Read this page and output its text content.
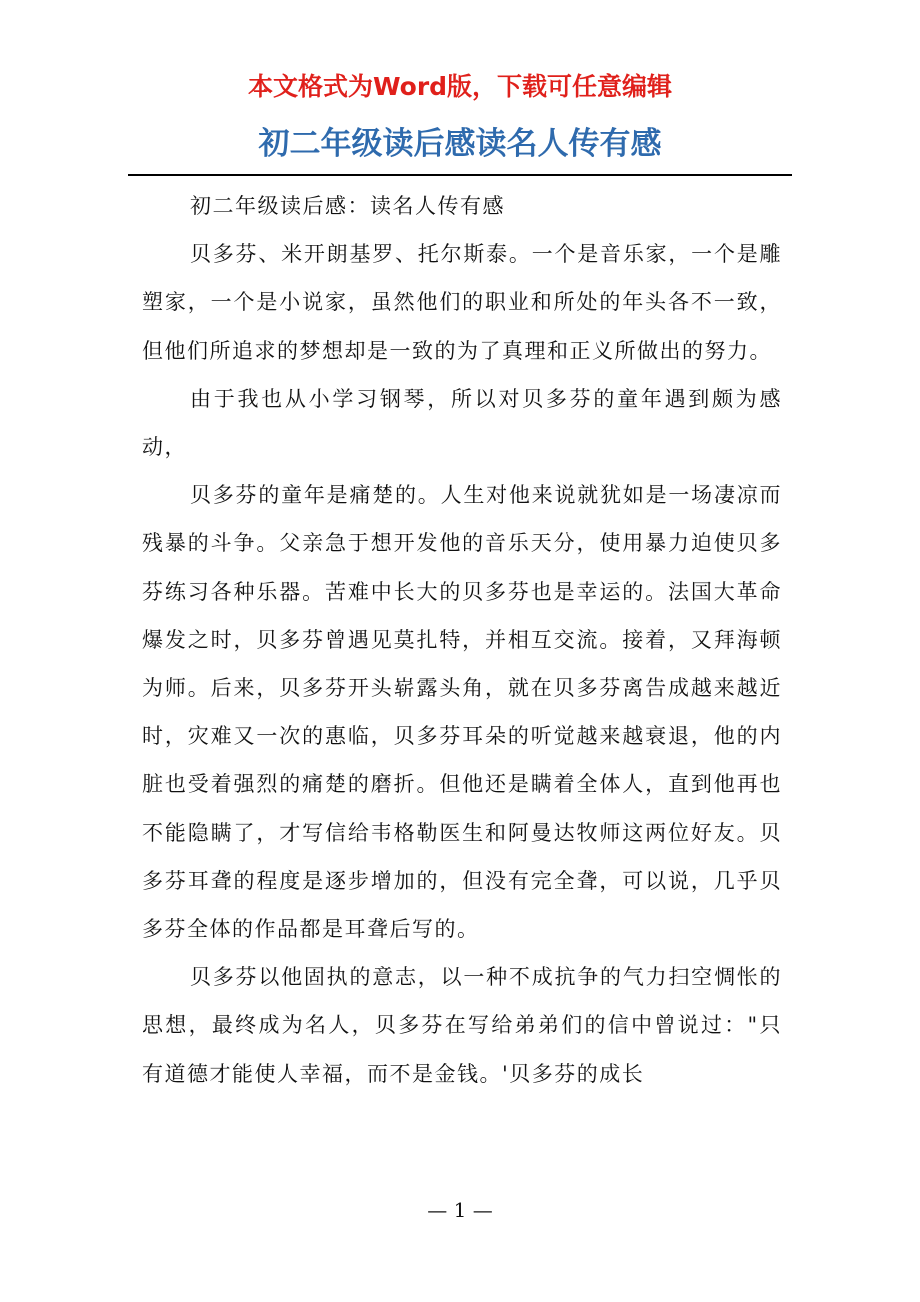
本文格式为Word版，下载可任意编辑
初二年级读后感读名人传有感

初二年级读后感：读名人传有感

贝多芬、米开朗基罗、托尔斯泰。一个是音乐家，一个是雕塑家，一个是小说家，虽然他们的职业和所处的年头各不一致，但他们所追求的梦想却是一致的为了真理和正义所做出的努力。

由于我也从小学习钢琴，所以对贝多芬的童年遇到颇为感动，

贝多芬的童年是痛楚的。人生对他来说就犹如是一场凄凉而残暴的斗争。父亲急于想开发他的音乐天分，使用暴力迫使贝多芬练习各种乐器。苦难中长大的贝多芬也是幸运的。法国大革命爆发之时，贝多芬曾遇见莫扎特，并相互交流。接着，又拜海顿为师。后来，贝多芬开头崭露头角，就在贝多芬离告成越来越近时，灾难又一次的惠临，贝多芬耳朵的听觉越来越衰退，他的内脏也受着强烈的痛楚的磨折。但他还是瞒着全体人，直到他再也不能隐瞒了，才写信给韦格勒医生和阿曼达牧师这两位好友。贝多芬耳聋的程度是逐步增加的，但没有完全聋，可以说，几乎贝多芬全体的作品都是耳聋后写的。

贝多芬以他固执的意志，以一种不成抗争的气力扫空惆怅的思想，最终成为名人，贝多芬在写给弟弟们的信中曾说过："只有道德才能使人幸福，而不是金钱。'贝多芬的成长

— 1 —
